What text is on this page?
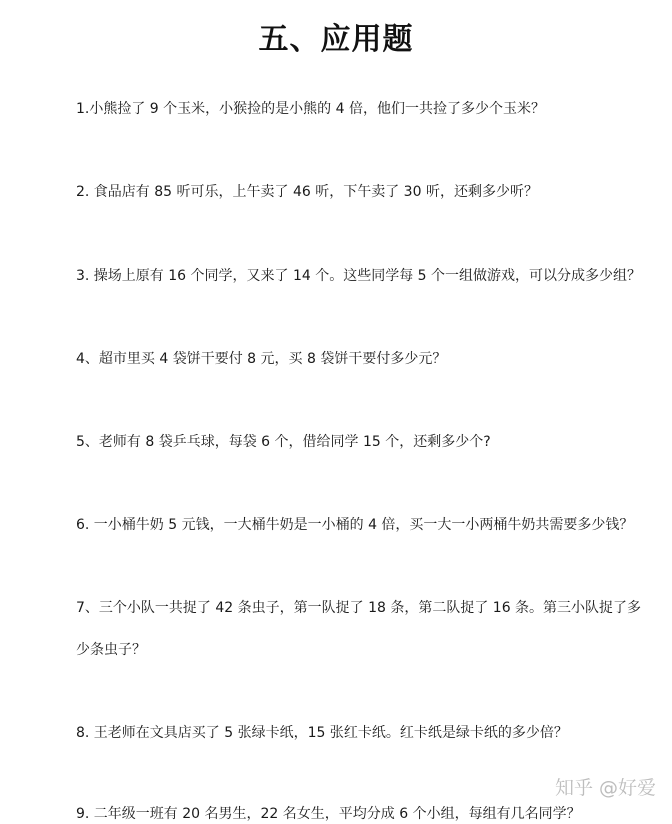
五、应用题
1.小熊捡了 9 个玉米，小猴捡的是小熊的 4 倍，他们一共捡了多少个玉米？
2. 食品店有 85 听可乐，上午卖了 46 听，下午卖了 30 听，还剩多少听？
3. 操场上原有 16 个同学，又来了 14 个。这些同学每 5 个一组做游戏，可以分成多少组？
4、超市里买 4 袋饼干要付 8 元，买 8 袋饼干要付多少元？
5、老师有 8 袋乒乓球，每袋 6 个，借给同学 15 个，还剩多少个?
6. 一小桶牛奶 5 元钱，一大桶牛奶是一小桶的 4 倍，买一大一小两桶牛奶共需要多少钱？
7、三个小队一共捉了 42 条虫子，第一队捉了 18 条，第二队捉了 16 条。第三小队捉了多
少条虫子？
8. 王老师在文具店买了 5 张绿卡纸，15 张红卡纸。红卡纸是绿卡纸的多少倍？
9. 二年级一班有 20 名男生，22 名女生，平均分成 6 个小组，每组有几名同学？
知乎 @好爱
